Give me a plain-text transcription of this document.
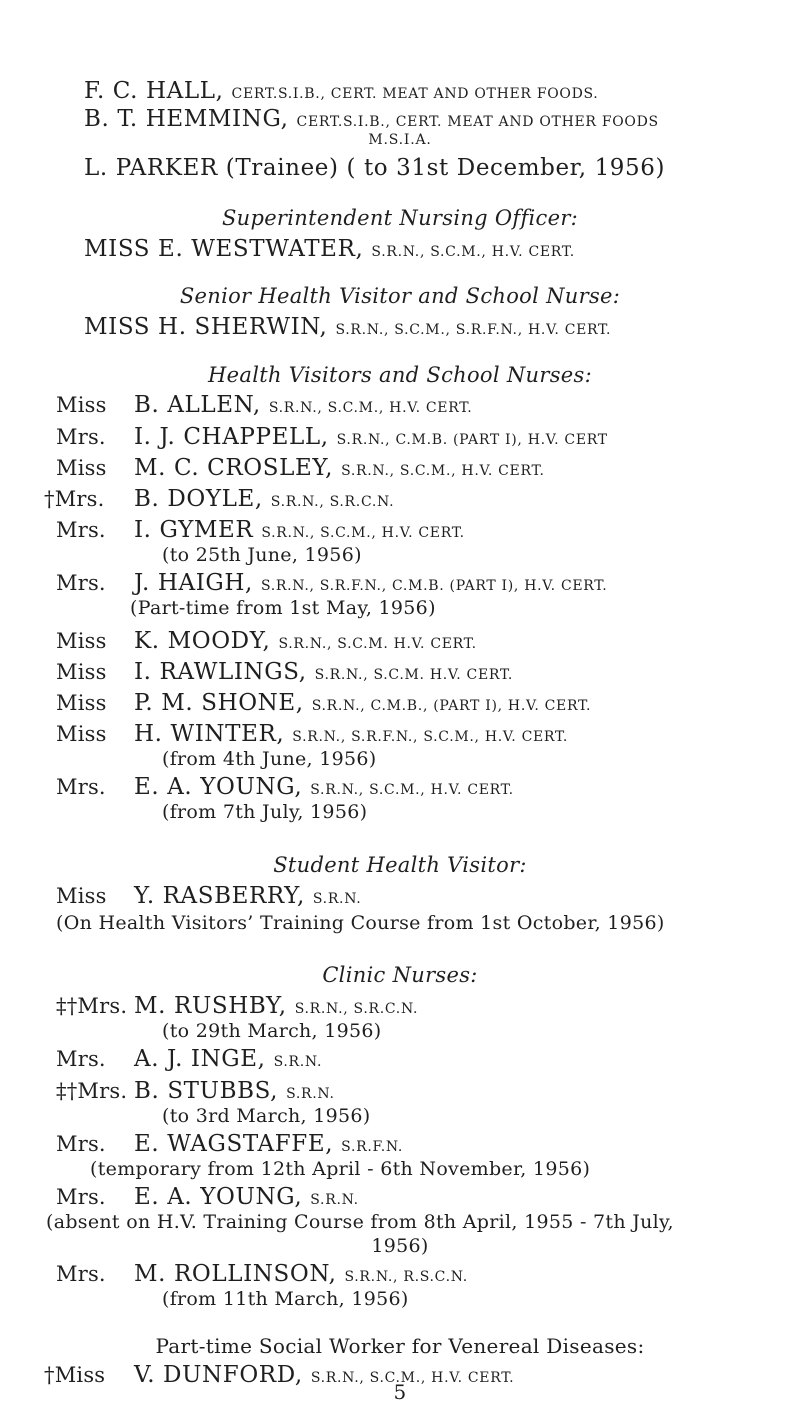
F. C. HALL, CERT.S.I.B., CERT. MEAT AND OTHER FOODS.
B. T. HEMMING, CERT.S.I.B., CERT. MEAT AND OTHER FOODS
M.S.I.A.
L. PARKER (Trainee) ( to 31st December, 1956)
Superintendent Nursing Officer:
MISS E. WESTWATER, S.R.N., S.C.M., H.V. CERT.
Senior Health Visitor and School Nurse:
MISS H. SHERWIN, S.R.N., S.C.M., S.R.F.N., H.V. CERT.
Health Visitors and School Nurses:
Miss B. ALLEN, S.R.N., S.C.M., H.V. CERT.
Mrs. I. J. CHAPPELL, S.R.N., C.M.B. (PART I), H.V. CERT
Miss M. C. CROSLEY, S.R.N., S.C.M., H.V. CERT.
†Mrs. B. DOYLE, S.R.N., S.R.C.N.
Mrs. I. GYMER S.R.N., S.C.M., H.V. CERT.
(to 25th June, 1956)
Mrs. J. HAIGH, S.R.N., S.R.F.N., C.M.B. (PART I), H.V. CERT.
(Part-time from 1st May, 1956)
Miss K. MOODY, S.R.N., S.C.M. H.V. CERT.
Miss I. RAWLINGS, S.R.N., S.C.M. H.V. CERT.
Miss P. M. SHONE, S.R.N., C.M.B., (PART I), H.V. CERT.
Miss H. WINTER, S.R.N., S.R.F.N., S.C.M., H.V. CERT.
(from 4th June, 1956)
Mrs. E. A. YOUNG, S.R.N., S.C.M., H.V. CERT.
(from 7th July, 1956)
Student Health Visitor:
Miss Y. RASBERRY, S.R.N.
(On Health Visitors’ Training Course from 1st October, 1956)
Clinic Nurses:
‡†Mrs. M. RUSHBY, S.R.N., S.R.C.N.
(to 29th March, 1956)
Mrs. A. J. INGE, S.R.N.
‡†Mrs. B. STUBBS, S.R.N.
(to 3rd March, 1956)
Mrs. E. WAGSTAFFE, S.R.F.N.
(temporary from 12th April - 6th November, 1956)
Mrs. E. A. YOUNG, S.R.N.
(absent on H.V. Training Course from 8th April, 1955 - 7th July,
1956)
Mrs. M. ROLLINSON, S.R.N., R.S.C.N.
(from 11th March, 1956)
Part-time Social Worker for Venereal Diseases:
†Miss V. DUNFORD, S.R.N., S.C.M., H.V. CERT.
5
